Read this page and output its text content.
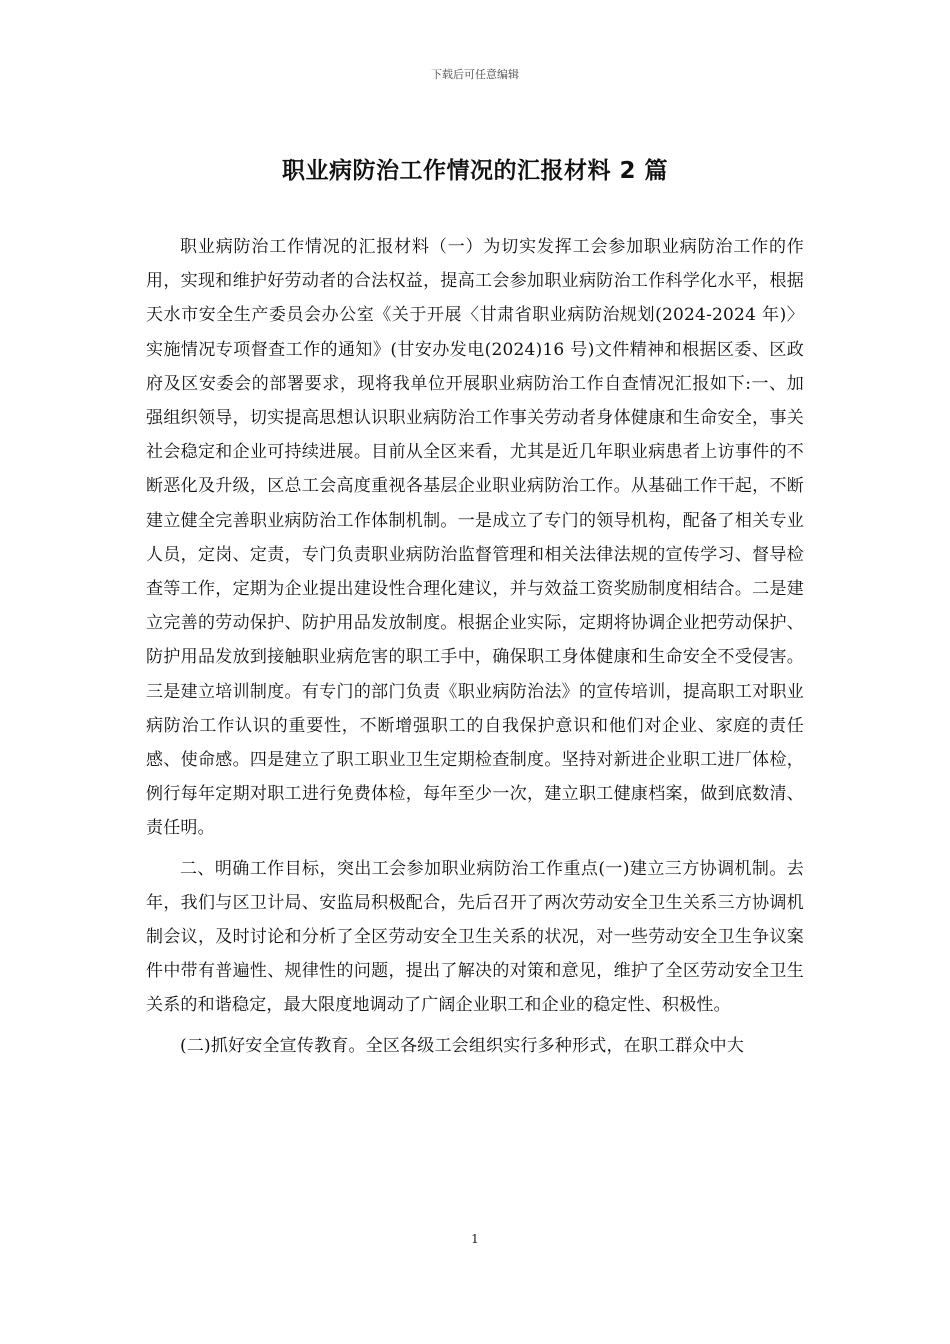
下载后可任意编辑
职业病防治工作情况的汇报材料 2 篇

职业病防治工作情况的汇报材料（一）为切实发挥工会参加职业病防治工作的作用，实现和维护好劳动者的合法权益，提高工会参加职业病防治工作科学化水平，根据天水市安全生产委员会办公室《关于开展〈甘肃省职业病防治规划(2024-2024 年)〉实施情况专项督查工作的通知》(甘安办发电(2024)16 号)文件精神和根据区委、区政府及区安委会的部署要求，现将我单位开展职业病防治工作自查情况汇报如下:一、加强组织领导，切实提高思想认识职业病防治工作事关劳动者身体健康和生命安全，事关社会稳定和企业可持续进展。目前从全区来看，尤其是近几年职业病患者上访事件的不断恶化及升级，区总工会高度重视各基层企业职业病防治工作。从基础工作干起，不断建立健全完善职业病防治工作体制机制。一是成立了专门的领导机构，配备了相关专业人员，定岗、定责，专门负责职业病防治监督管理和相关法律法规的宣传学习、督导检查等工作，定期为企业提出建设性合理化建议，并与效益工资奖励制度相结合。二是建立完善的劳动保护、防护用品发放制度。根据企业实际，定期将协调企业把劳动保护、防护用品发放到接触职业病危害的职工手中，确保职工身体健康和生命安全不受侵害。三是建立培训制度。有专门的部门负责《职业病防治法》的宣传培训，提高职工对职业病防治工作认识的重要性，不断增强职工的自我保护意识和他们对企业、家庭的责任感、使命感。四是建立了职工职业卫生定期检查制度。坚持对新进企业职工进厂体检，例行每年定期对职工进行免费体检，每年至少一次，建立职工健康档案，做到底数清、责任明。

二、明确工作目标，突出工会参加职业病防治工作重点(一)建立三方协调机制。去年，我们与区卫计局、安监局积极配合，先后召开了两次劳动安全卫生关系三方协调机制会议，及时讨论和分析了全区劳动安全卫生关系的状况，对一些劳动安全卫生争议案件中带有普遍性、规律性的问题，提出了解决的对策和意见，维护了全区劳动安全卫生关系的和谐稳定，最大限度地调动了广阔企业职工和企业的稳定性、积极性。

(二)抓好安全宣传教育。全区各级工会组织实行多种形式，在职工群众中大

1
